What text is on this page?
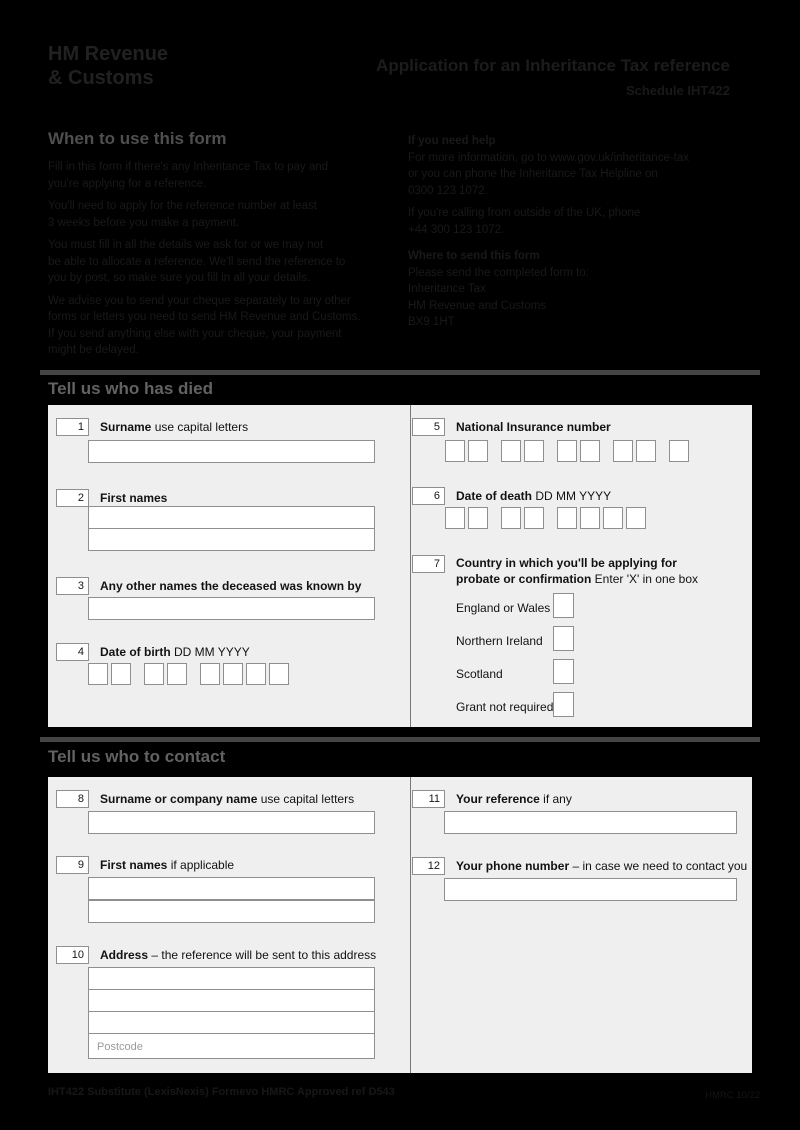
HM Revenue
& Customs
Application for an Inheritance Tax reference
Schedule IHT422
When to use this form
Fill in this form if there's any Inheritance Tax to pay and
you're applying for a reference.
You'll need to apply for the reference number at least
3 weeks before you make a payment.
You must fill in all the details we ask for or we may not
be able to allocate a reference. We'll send the reference to
you by post, so make sure you fill in all your details.
We advise you to send your cheque separately to any other
forms or letters you need to send HM Revenue and Customs.
If you send anything else with your cheque, your payment
might be delayed.
If you need help
For more information, go to www.gov.uk/inheritance-tax
or you can phone the Inheritance Tax Helpline on
0300 123 1072.
If you're calling from outside of the UK, phone
+44 300 123 1072.
Where to send this form
Please send the completed form to:
Inheritance Tax
HM Revenue and Customs
BX9 1HT
Tell us who has died
1	Surname use capital letters	5	National Insurance number
2	First names	6	Date of death DD MM YYYY
3	Any other names the deceased was known by
7	Country in which you'll be applying for
probate or confirmation Enter 'X' in one box
England or Wales
Northern Ireland
Scotland
Grant not required
4	Date of birth DD MM YYYY
Tell us who to contact
8	Surname or company name use capital letters	11	Your reference if any
9	First names if applicable	12	Your phone number – in case we need to contact you
10	Address – the reference will be sent to this address
Postcode
IHT422 Substitute (LexisNexis) Formevo HMRC Approved ref D543	HMRC 10/22
